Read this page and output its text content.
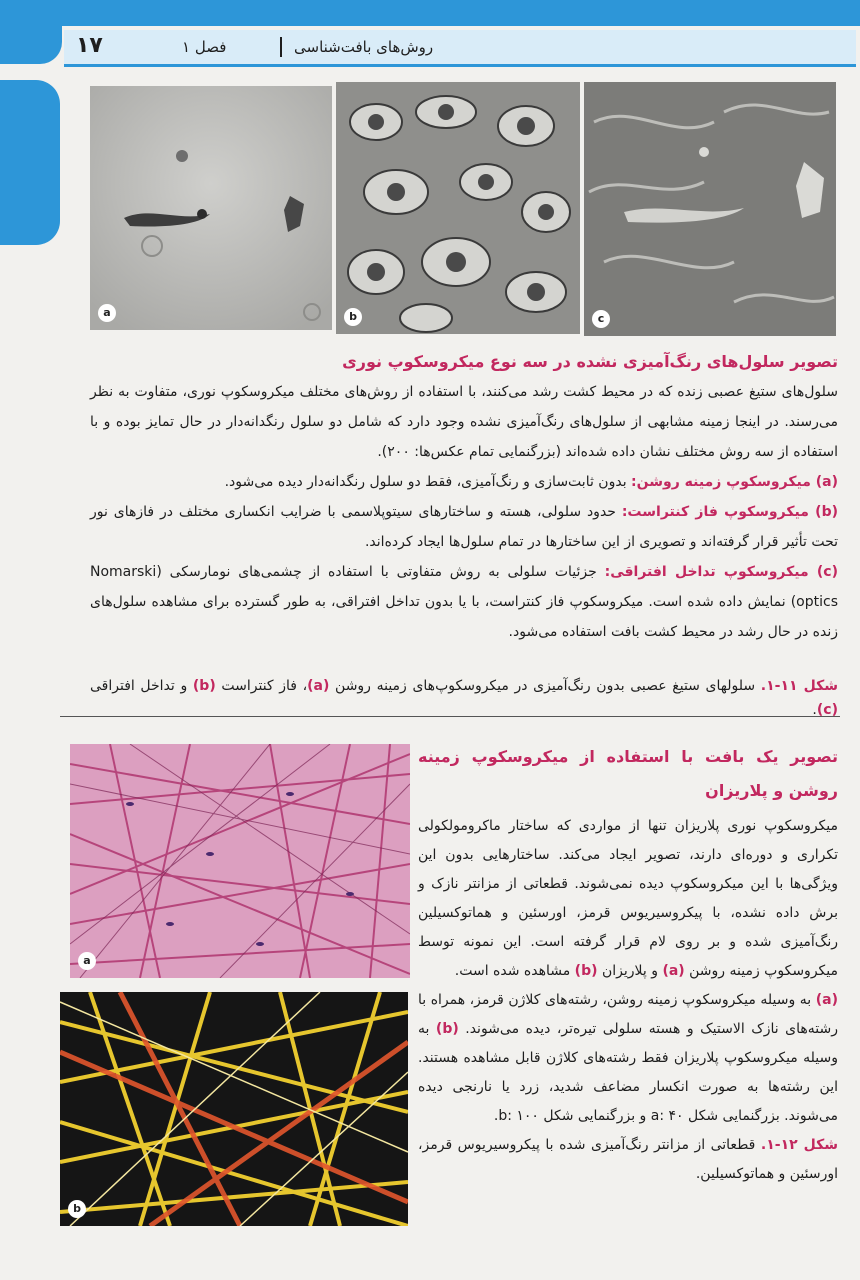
۱۷	فصل ۱	روش‌های بافت‌شناسی
a	b	c
تصویر سلول‌های رنگ‌آمیزی نشده در سه نوع میکروسکوپ نوری

سلول‌های ستیغ عصبی زنده که در محیط کشت رشد می‌کنند، با استفاده از روش‌های مختلف میکروسکوپ نوری، متفاوت به نظر می‌رسند. در اینجا زمینه مشابهی از سلول‌های رنگ‌آمیزی نشده وجود دارد که شامل دو سلول رنگدانه‌دار در حال تمایز بوده و با استفاده از سه روش مختلف نشان داده شده‌اند (بزرگنمایی تمام عکس‌ها: ۲۰۰).

(a) میکروسکوپ زمینه روشن: بدون ثابت‌سازی و رنگ‌آمیزی، فقط دو سلول رنگدانه‌دار دیده می‌شود.

(b) میکروسکوپ فاز کنتراست: حدود سلولی، هسته و ساختارهای سیتوپلاسمی با ضرایب انکساری مختلف در فازهای نور تحت تأثیر قرار گرفته‌اند و تصویری از این ساختارها در تمام سلول‌ها ایجاد کرده‌اند.

(c) میکروسکوپ تداخل افتراقی: جزئیات سلولی به روش متفاوتی با استفاده از چشمی‌های نومارسکی (Nomarski optics) نمایش داده شده است. میکروسکوپ فاز کنتراست، با یا بدون تداخل افتراقی، به طور گسترده برای مشاهده سلول‌های زنده در حال رشد در محیط کشت بافت استفاده می‌شود.

شکل ۱۱-۱. سلولهای ستیغ عصبی بدون رنگ‌آمیزی در میکروسکوپ‌های زمینه روشن (a)، فاز کنتراست (b) و تداخل افتراقی (c).
a
b
تصویر یک بافت با استفاده از میکروسکوپ زمینه روشن و پلاریزان

میکروسکوپ نوری پلاریزان تنها از مواردی که ساختار ماکرومولکولی تکراری و دوره‌ای دارند، تصویر ایجاد می‌کند. ساختارهایی بدون این ویژگی‌ها با این میکروسکوپ دیده نمی‌شوند. قطعاتی از مزانتر نازک و برش داده نشده، با پیکروسیریوس قرمز، اورسئین و هماتوکسیلین رنگ‌آمیزی شده و بر روی لام قرار گرفته است. این نمونه توسط میکروسکوپ زمینه روشن (a) و پلاریزان (b) مشاهده شده است.

(a) به وسیله میکروسکوپ زمینه روشن، رشته‌های کلاژن قرمز، همراه با رشته‌های نازک الاستیک و هسته سلولی تیره‌تر، دیده می‌شوند. (b) به وسیله میکروسکوپ پلاریزان فقط رشته‌های کلاژن قابل مشاهده هستند. این رشته‌ها به صورت انکسار مضاعف شدید، زرد یا نارنجی دیده می‌شوند. بزرگنمایی شکل a: ۴۰ و بزرگنمایی شکل b: ۱۰۰.

شکل ۱۲-۱. قطعاتی از مزانتر رنگ‌آمیزی شده با پیکروسیریوس قرمز، اورسئین و هماتوکسیلین.
